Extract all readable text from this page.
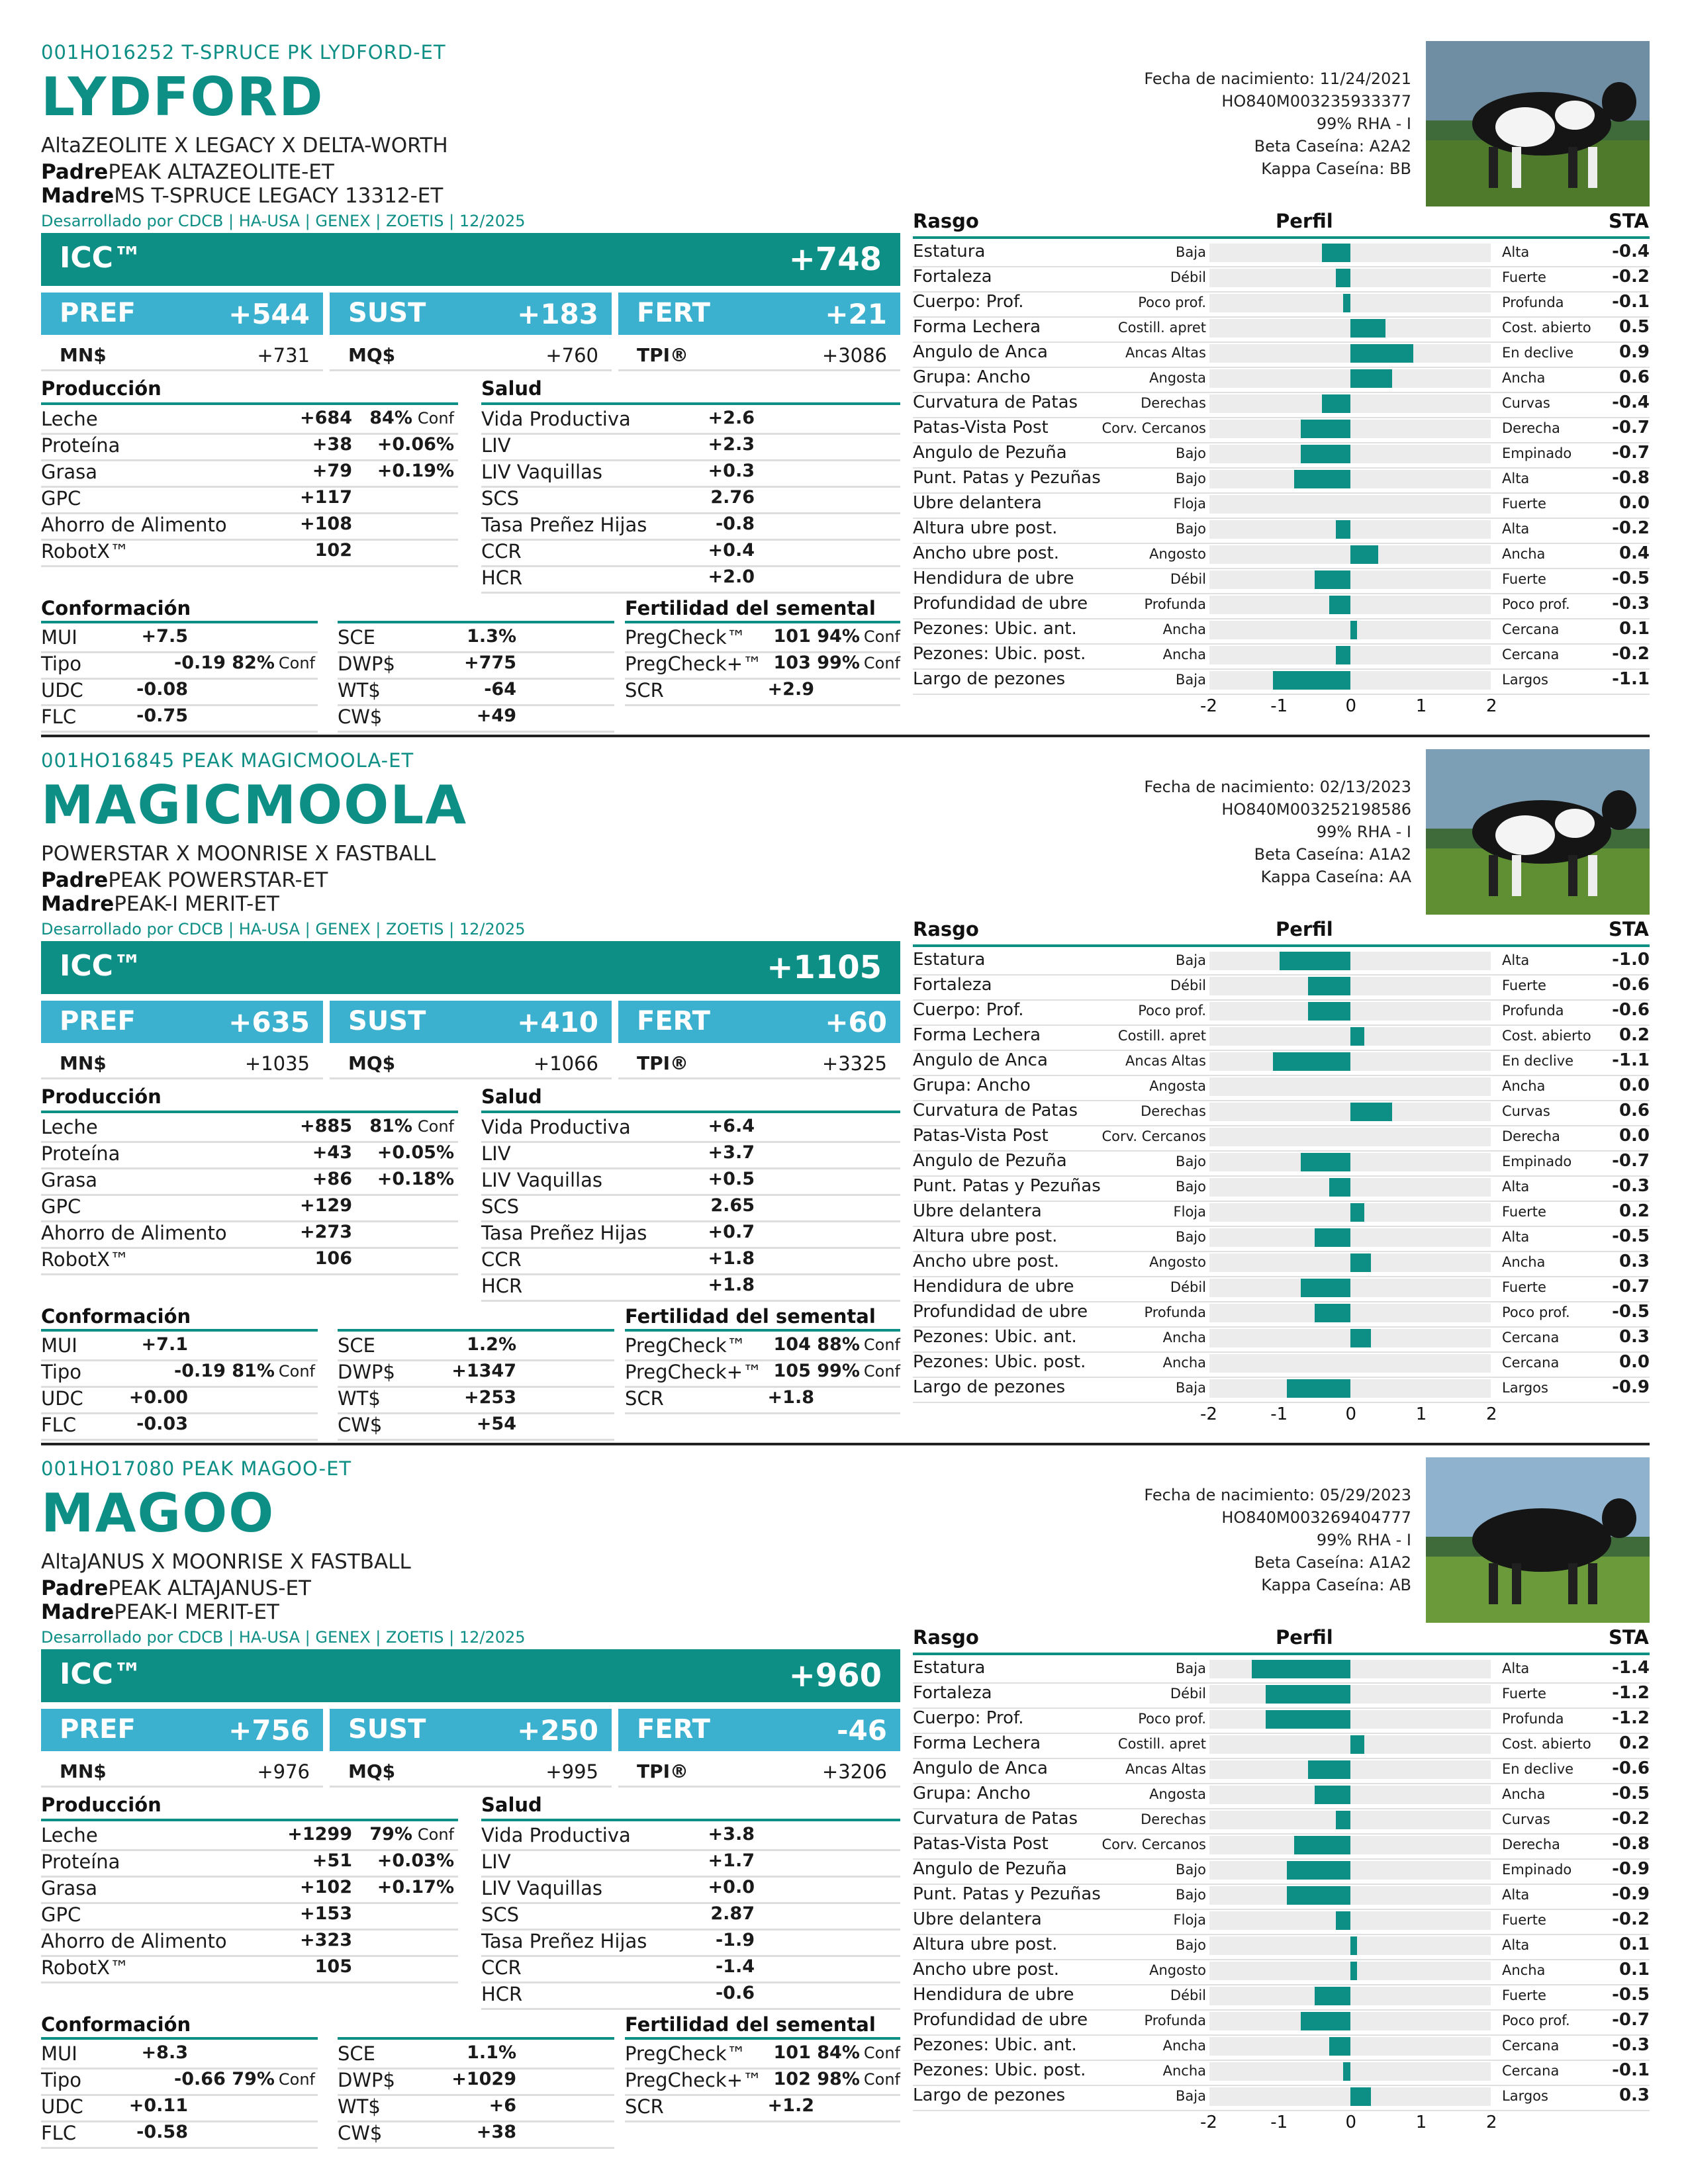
001HO16252 T-SPRUCE PK LYDFORD-ET
LYDFORD
AltaZEOLITE X LEGACY X DELTA-WORTH
PadrePEAK ALTAZEOLITE-ET
MadreMS T-SPRUCE LEGACY 13312-ET
Desarrollado por CDCB | HA-USA | GENEX | ZOETIS | 12/2025
ICC™	+748
PREF	+544 SUST	+183 FERT	+21
MN$	+731 MQ$	+760 TPI®	+3086
Producción
Leche	+684 84% Conf
Proteína	+38 +0.06%
Grasa	+79 +0.19%
GPC	+117
Ahorro de Alimento	+108
RobotX™	102
Salud
Vida Productiva	+2.6
LIV	+2.3
LIV Vaquillas	+0.3
SCS	2.76
Tasa Preñez Hijas	-0.8
CCR	+0.4
HCR	+2.0
Conformación
MUI	+7.5
Tipo	-0.19 82% Conf
UDC	-0.08
FLC	-0.75
SCE	1.3%
DWP$	+775
WT$	-64
CW$	+49
Fertilidad del semental
PregCheck™ 101 94% Conf
PregCheck+™ 103 99% Conf
SCR	+2.9
Fecha de nacimiento: 11/24/2021
HO840M003235933377
99% RHA - I
Beta Caseína: A2A2
Kappa Caseína: BB
Rasgo	Perfil	STA
Estatura	Baja	Alta	-0.4
Fortaleza	Débil	Fuerte	-0.2
Cuerpo: Prof.	Poco prof.	Profunda	-0.1
Forma Lechera	Costill. apret	Cost. abierto 0.5
Angulo de Anca	Ancas Altas	En declive	0.9
Grupa: Ancho	Angosta	Ancha	0.6
Curvatura de Patas	Derechas	Curvas	-0.4
Patas-Vista Post	Corv. Cercanos	Derecha	-0.7
Angulo de Pezuña	Bajo	Empinado -0.7
Punt. Patas y Pezuñas	Bajo	Alta	-0.8
Ubre delantera	Floja	Fuerte	0.0
Altura ubre post.	Bajo	Alta	-0.2
Ancho ubre post.	Angosto	Ancha	0.4
Hendidura de ubre	Débil	Fuerte	-0.5
Profundidad de ubre	Profunda	Poco prof. -0.3
Pezones: Ubic. ant.	Ancha	Cercana	0.1
Pezones: Ubic. post.	Ancha	Cercana	-0.2
Largo de pezones	Baja	Largos	-1.1
-2	-1	0	1	2
001HO16845 PEAK MAGICMOOLA-ET
MAGICMOOLA
POWERSTAR X MOONRISE X FASTBALL
PadrePEAK POWERSTAR-ET
MadrePEAK-I MERIT-ET
Desarrollado por CDCB | HA-USA | GENEX | ZOETIS | 12/2025
ICC™	+1105
PREF	+635 SUST	+410 FERT	+60
MN$	+1035 MQ$	+1066 TPI®	+3325
Producción
Leche	+885 81% Conf
Proteína	+43 +0.05%
Grasa	+86 +0.18%
GPC	+129
Ahorro de Alimento	+273
RobotX™	106
Salud
Vida Productiva	+6.4
LIV	+3.7
LIV Vaquillas	+0.5
SCS	2.65
Tasa Preñez Hijas	+0.7
CCR	+1.8
HCR	+1.8
Conformación
MUI	+7.1
Tipo	-0.19 81% Conf
UDC	+0.00
FLC	-0.03
SCE	1.2%
DWP$	+1347
WT$	+253
CW$	+54
Fertilidad del semental
PregCheck™ 104 88% Conf
PregCheck+™ 105 99% Conf
SCR	+1.8
Fecha de nacimiento: 02/13/2023
HO840M003252198586
99% RHA - I
Beta Caseína: A1A2
Kappa Caseína: AA
Rasgo	Perfil	STA
Estatura	Baja	Alta	-1.0
Fortaleza	Débil	Fuerte	-0.6
Cuerpo: Prof.	Poco prof.	Profunda	-0.6
Forma Lechera	Costill. apret	Cost. abierto 0.2
Angulo de Anca	Ancas Altas	En declive -1.1
Grupa: Ancho	Angosta	Ancha	0.0
Curvatura de Patas	Derechas	Curvas	0.6
Patas-Vista Post	Corv. Cercanos	Derecha	0.0
Angulo de Pezuña	Bajo	Empinado -0.7
Punt. Patas y Pezuñas	Bajo	Alta	-0.3
Ubre delantera	Floja	Fuerte	0.2
Altura ubre post.	Bajo	Alta	-0.5
Ancho ubre post.	Angosto	Ancha	0.3
Hendidura de ubre	Débil	Fuerte	-0.7
Profundidad de ubre	Profunda	Poco prof. -0.5
Pezones: Ubic. ant.	Ancha	Cercana	0.3
Pezones: Ubic. post.	Ancha	Cercana	0.0
Largo de pezones	Baja	Largos	-0.9
-2	-1	0	1	2
001HO17080 PEAK MAGOO-ET
MAGOO
AltaJANUS X MOONRISE X FASTBALL
PadrePEAK ALTAJANUS-ET
MadrePEAK-I MERIT-ET
Desarrollado por CDCB | HA-USA | GENEX | ZOETIS | 12/2025
ICC™	+960
PREF	+756 SUST	+250 FERT	-46
MN$	+976 MQ$	+995 TPI®	+3206
Producción
Leche	+1299 79% Conf
Proteína	+51 +0.03%
Grasa	+102 +0.17%
GPC	+153
Ahorro de Alimento	+323
RobotX™	105
Salud
Vida Productiva	+3.8
LIV	+1.7
LIV Vaquillas	+0.0
SCS	2.87
Tasa Preñez Hijas	-1.9
CCR	-1.4
HCR	-0.6
Conformación
MUI	+8.3
Tipo	-0.66 79% Conf
UDC	+0.11
FLC	-0.58
SCE	1.1%
DWP$	+1029
WT$	+6
CW$	+38
Fertilidad del semental
PregCheck™ 101 84% Conf
PregCheck+™ 102 98% Conf
SCR	+1.2
Fecha de nacimiento: 05/29/2023
HO840M003269404777
99% RHA - I
Beta Caseína: A1A2
Kappa Caseína: AB
Rasgo	Perfil	STA
Estatura	Baja	Alta	-1.4
Fortaleza	Débil	Fuerte	-1.2
Cuerpo: Prof.	Poco prof.	Profunda	-1.2
Forma Lechera	Costill. apret	Cost. abierto 0.2
Angulo de Anca	Ancas Altas	En declive -0.6
Grupa: Ancho	Angosta	Ancha	-0.5
Curvatura de Patas	Derechas	Curvas	-0.2
Patas-Vista Post	Corv. Cercanos	Derecha	-0.8
Angulo de Pezuña	Bajo	Empinado -0.9
Punt. Patas y Pezuñas	Bajo	Alta	-0.9
Ubre delantera	Floja	Fuerte	-0.2
Altura ubre post.	Bajo	Alta	0.1
Ancho ubre post.	Angosto	Ancha	0.1
Hendidura de ubre	Débil	Fuerte	-0.5
Profundidad de ubre	Profunda	Poco prof. -0.7
Pezones: Ubic. ant.	Ancha	Cercana	-0.3
Pezones: Ubic. post.	Ancha	Cercana	-0.1
Largo de pezones	Baja	Largos	0.3
-2	-1	0	1	2
